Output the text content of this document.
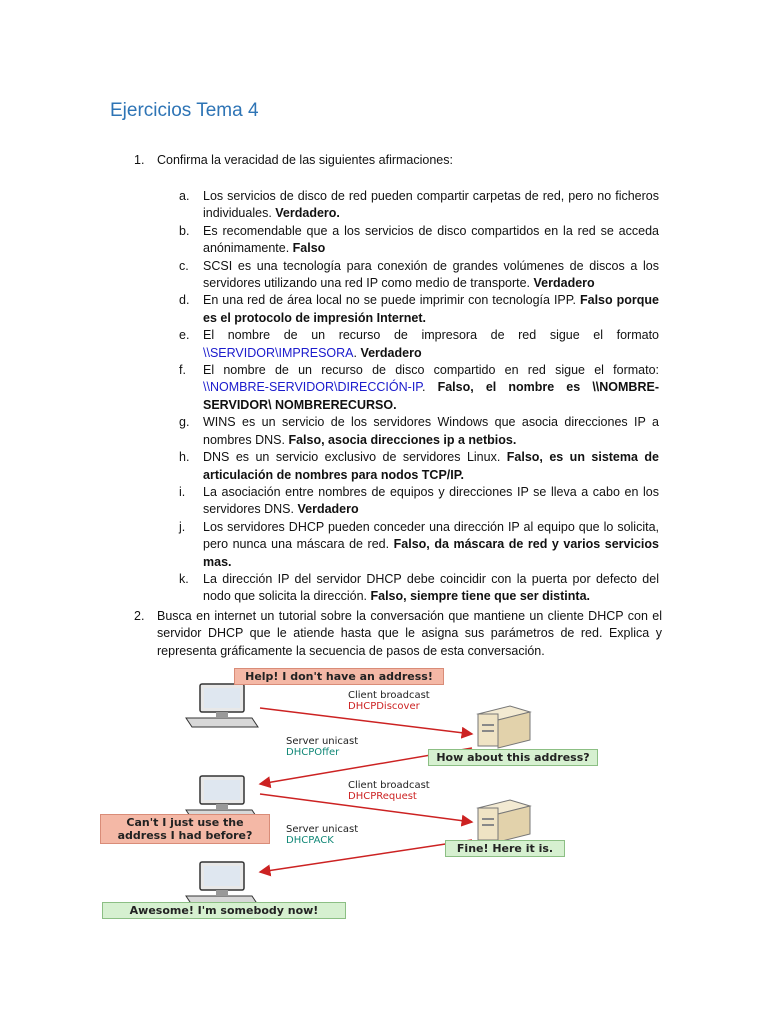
Ejercicios Tema 4
1. Confirma la veracidad de las siguientes afirmaciones:

a. Los servicios de disco de red pueden compartir carpetas de red, pero no ficheros individuales. Verdadero.

b. Es recomendable que a los servicios de disco compartidos en la red se acceda anónimamente. Falso

c. SCSI es una tecnología para conexión de grandes volúmenes de discos a los servidores utilizando una red IP como medio de transporte. Verdadero

d. En una red de área local no se puede imprimir con tecnología IPP. Falso porque es el protocolo de impresión Internet.

e. El nombre de un recurso de impresora de red sigue el formato \\SERVIDOR\IMPRESORA. Verdadero

f. El nombre de un recurso de disco compartido en red sigue el formato: \\NOMBRE-SERVIDOR\DIRECCIÓN-IP. Falso, el nombre es \\NOMBRE-SERVIDOR\ NOMBRERECURSO.

g. WINS es un servicio de los servidores Windows que asocia direcciones IP a nombres DNS. Falso, asocia direcciones ip a netbios.

h. DNS es un servicio exclusivo de servidores Linux. Falso, es un sistema de articulación de nombres para nodos TCP/IP.

i. La asociación entre nombres de equipos y direcciones IP se lleva a cabo en los servidores DNS. Verdadero

j. Los servidores DHCP pueden conceder una dirección IP al equipo que lo solicita, pero nunca una máscara de red. Falso, da máscara de red y varios servicios mas.

k. La dirección IP del servidor DHCP debe coincidir con la puerta por defecto del nodo que solicita la dirección. Falso, siempre tiene que ser distinta.

2. Busca en internet un tutorial sobre la conversación que mantiene un cliente DHCP con el servidor DHCP que le atiende hasta que le asigna sus parámetros de red. Explica y representa gráficamente la secuencia de pasos de esta conversación.
Help! I don't have an address!
Client broadcast
DHCPDiscover
Server unicast
DHCPOffer	How about this address?
Client broadcast
DHCPRequest
Can't I just use the address I had before?	Server unicast
DHCPACK
Fine! Here it is.
Awesome! I'm somebody now!
